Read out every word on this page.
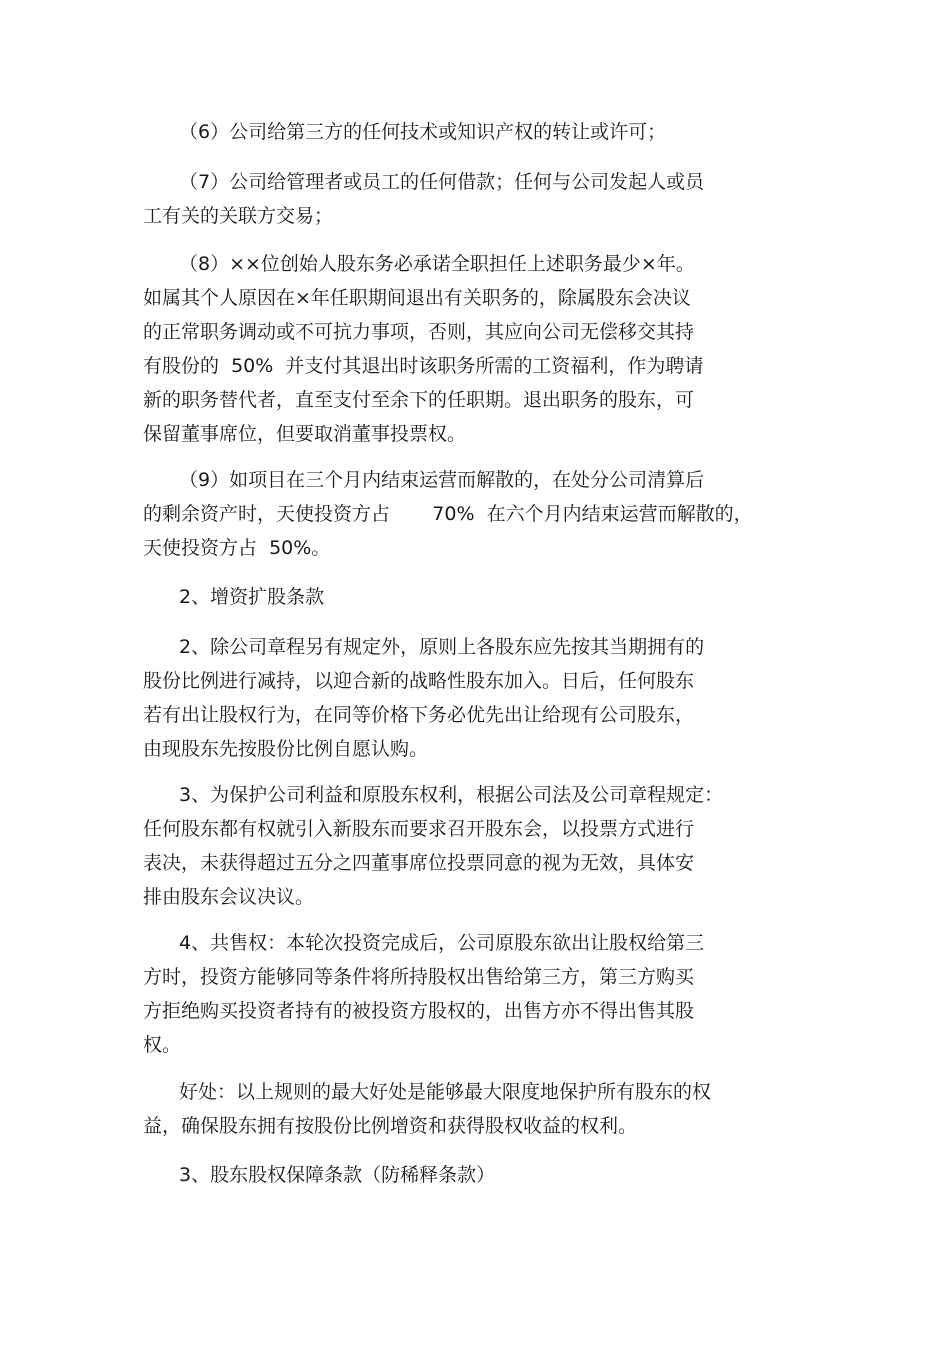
（6）公司给第三方的任何技术或知识产权的转让或许可；
（7）公司给管理者或员工的任何借款；任何与公司发起人或员
工有关的关联方交易；
（8）××位创始人股东务必承诺全职担任上述职务最少×年。
如属其个人原因在×年任职期间退出有关职务的，除属股东会决议
的正常职务调动或不可抗力事项，否则，其应向公司无偿移交其持
有股份的  50%  并支付其退出时该职务所需的工资福利，作为聘请
新的职务替代者，直至支付至余下的任职期。退出职务的股东，可
保留董事席位，但要取消董事投票权。
（9）如项目在三个月内结束运营而解散的，在处分公司清算后
的剩余资产时，天使投资方占       70%  在六个月内结束运营而解散的，
天使投资方占  50%。
2、增资扩股条款
2、除公司章程另有规定外，原则上各股东应先按其当期拥有的
股份比例进行减持，以迎合新的战略性股东加入。日后，任何股东
若有出让股权行为，在同等价格下务必优先出让给现有公司股东，
由现股东先按股份比例自愿认购。
3、为保护公司利益和原股东权利，根据公司法及公司章程规定：
任何股东都有权就引入新股东而要求召开股东会，以投票方式进行
表决，未获得超过五分之四董事席位投票同意的视为无效，具体安
排由股东会议决议。
4、共售权：本轮次投资完成后，公司原股东欲出让股权给第三
方时，投资方能够同等条件将所持股权出售给第三方，第三方购买
方拒绝购买投资者持有的被投资方股权的，出售方亦不得出售其股
权。
好处：以上规则的最大好处是能够最大限度地保护所有股东的权
益，确保股东拥有按股份比例增资和获得股权收益的权利。
3、股东股权保障条款（防稀释条款）
